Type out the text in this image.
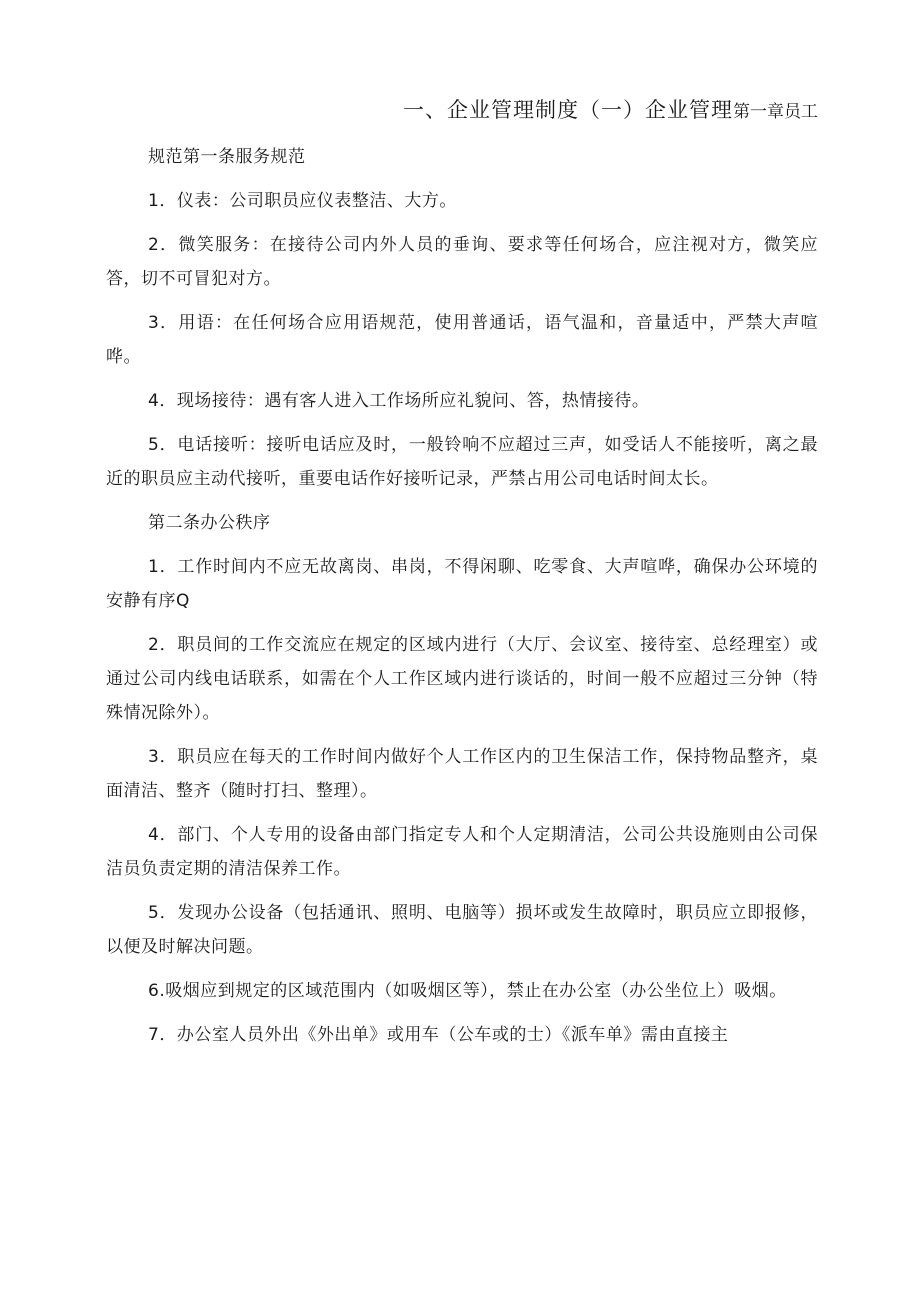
一、企业管理制度（一）企业管理第一章员工

规范第一条服务规范

1．仪表：公司职员应仪表整洁、大方。

2．微笑服务：在接待公司内外人员的垂询、要求等任何场合，应注视对方，微笑应答，切不可冒犯对方。

3．用语：在任何场合应用语规范，使用普通话，语气温和，音量适中，严禁大声喧哗。

4．现场接待：遇有客人进入工作场所应礼貌问、答，热情接待。

5．电话接听：接听电话应及时，一般铃响不应超过三声，如受话人不能接听，离之最近的职员应主动代接听，重要电话作好接听记录，严禁占用公司电话时间太长。

第二条办公秩序

1．工作时间内不应无故离岗、串岗，不得闲聊、吃零食、大声喧哗，确保办公环境的安静有序Q

2．职员间的工作交流应在规定的区域内进行（大厅、会议室、接待室、总经理室）或通过公司内线电话联系，如需在个人工作区域内进行谈话的，时间一般不应超过三分钟（特殊情况除外）。

3．职员应在每天的工作时间内做好个人工作区内的卫生保洁工作，保持物品整齐，桌面清洁、整齐（随时打扫、整理）。

4．部门、个人专用的设备由部门指定专人和个人定期清洁，公司公共设施则由公司保洁员负责定期的清洁保养工作。

5．发现办公设备（包括通讯、照明、电脑等）损坏或发生故障时，职员应立即报修，以便及时解决问题。

6.吸烟应到规定的区域范围内（如吸烟区等），禁止在办公室（办公坐位上）吸烟。

7．办公室人员外出《外出单》或用车（公车或的士）《派车单》需由直接主
